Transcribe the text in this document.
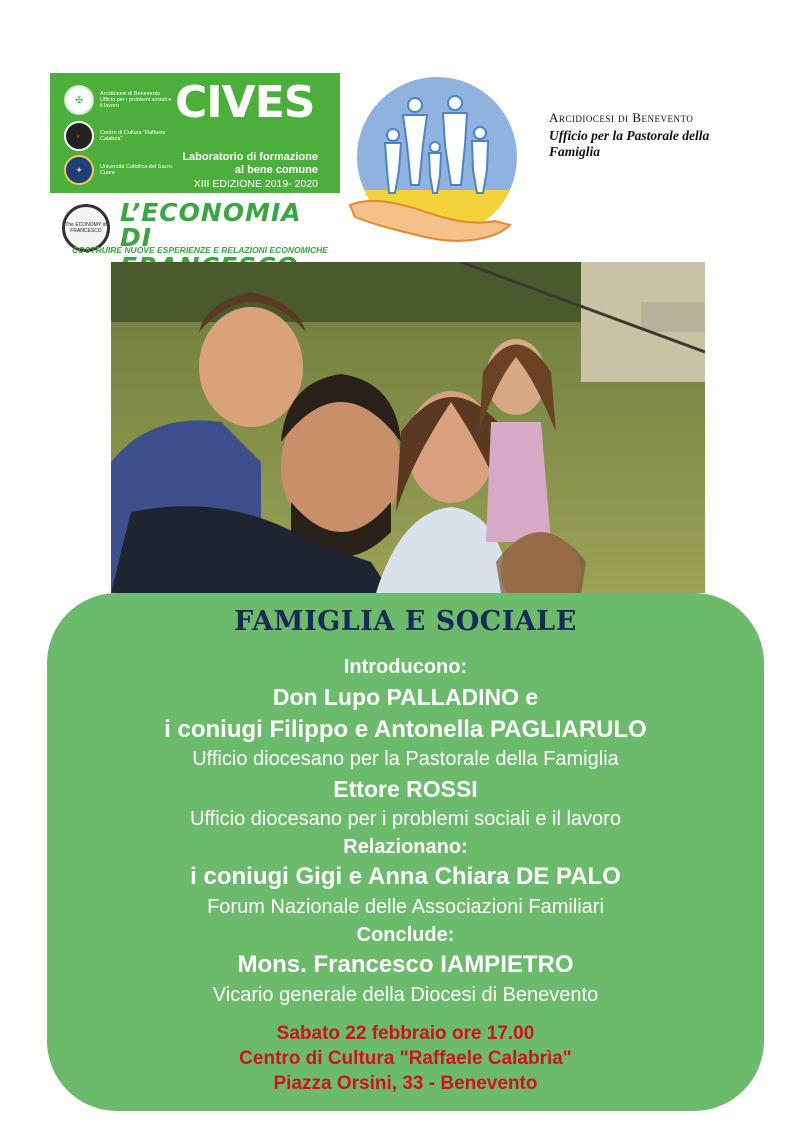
✠
Arcidiocesi di Benevento Ufficio per i problemi sociali e il lavoro
◐	Centro di Cultura "Raffaele Calabria"
✦	Università Cattolica del Sacro Cuore
CIVES
Laboratorio di formazione
al bene comune
XIII EDIZIONE 2019- 2020
The ECONOMY of FRANCESCO
L’ECONOMIA
DI
COSTRUIRE NUOVE ESPERIENZE E RELAZIONI ECONOMICHE
Arcidiocesi di Benevento
Ufficio per la Pastorale della
Famiglia
FAMIGLIA E SOCIALE
Introducono:
Don Lupo PALLADINO e
i coniugi Filippo e Antonella PAGLIARULO
Ufficio diocesano per la Pastorale della Famiglia
Ettore ROSSI
Ufficio diocesano per i problemi sociali e il lavoro
Relazionano:
i coniugi Gigi e Anna Chiara DE PALO
Forum Nazionale delle Associazioni Familiari
Conclude:
Mons. Francesco IAMPIETRO
Vicario generale della Diocesi di Benevento
Sabato 22 febbraio ore 17.00
Centro di Cultura "Raffaele Calabrìa"
Piazza Orsini, 33 - Benevento
